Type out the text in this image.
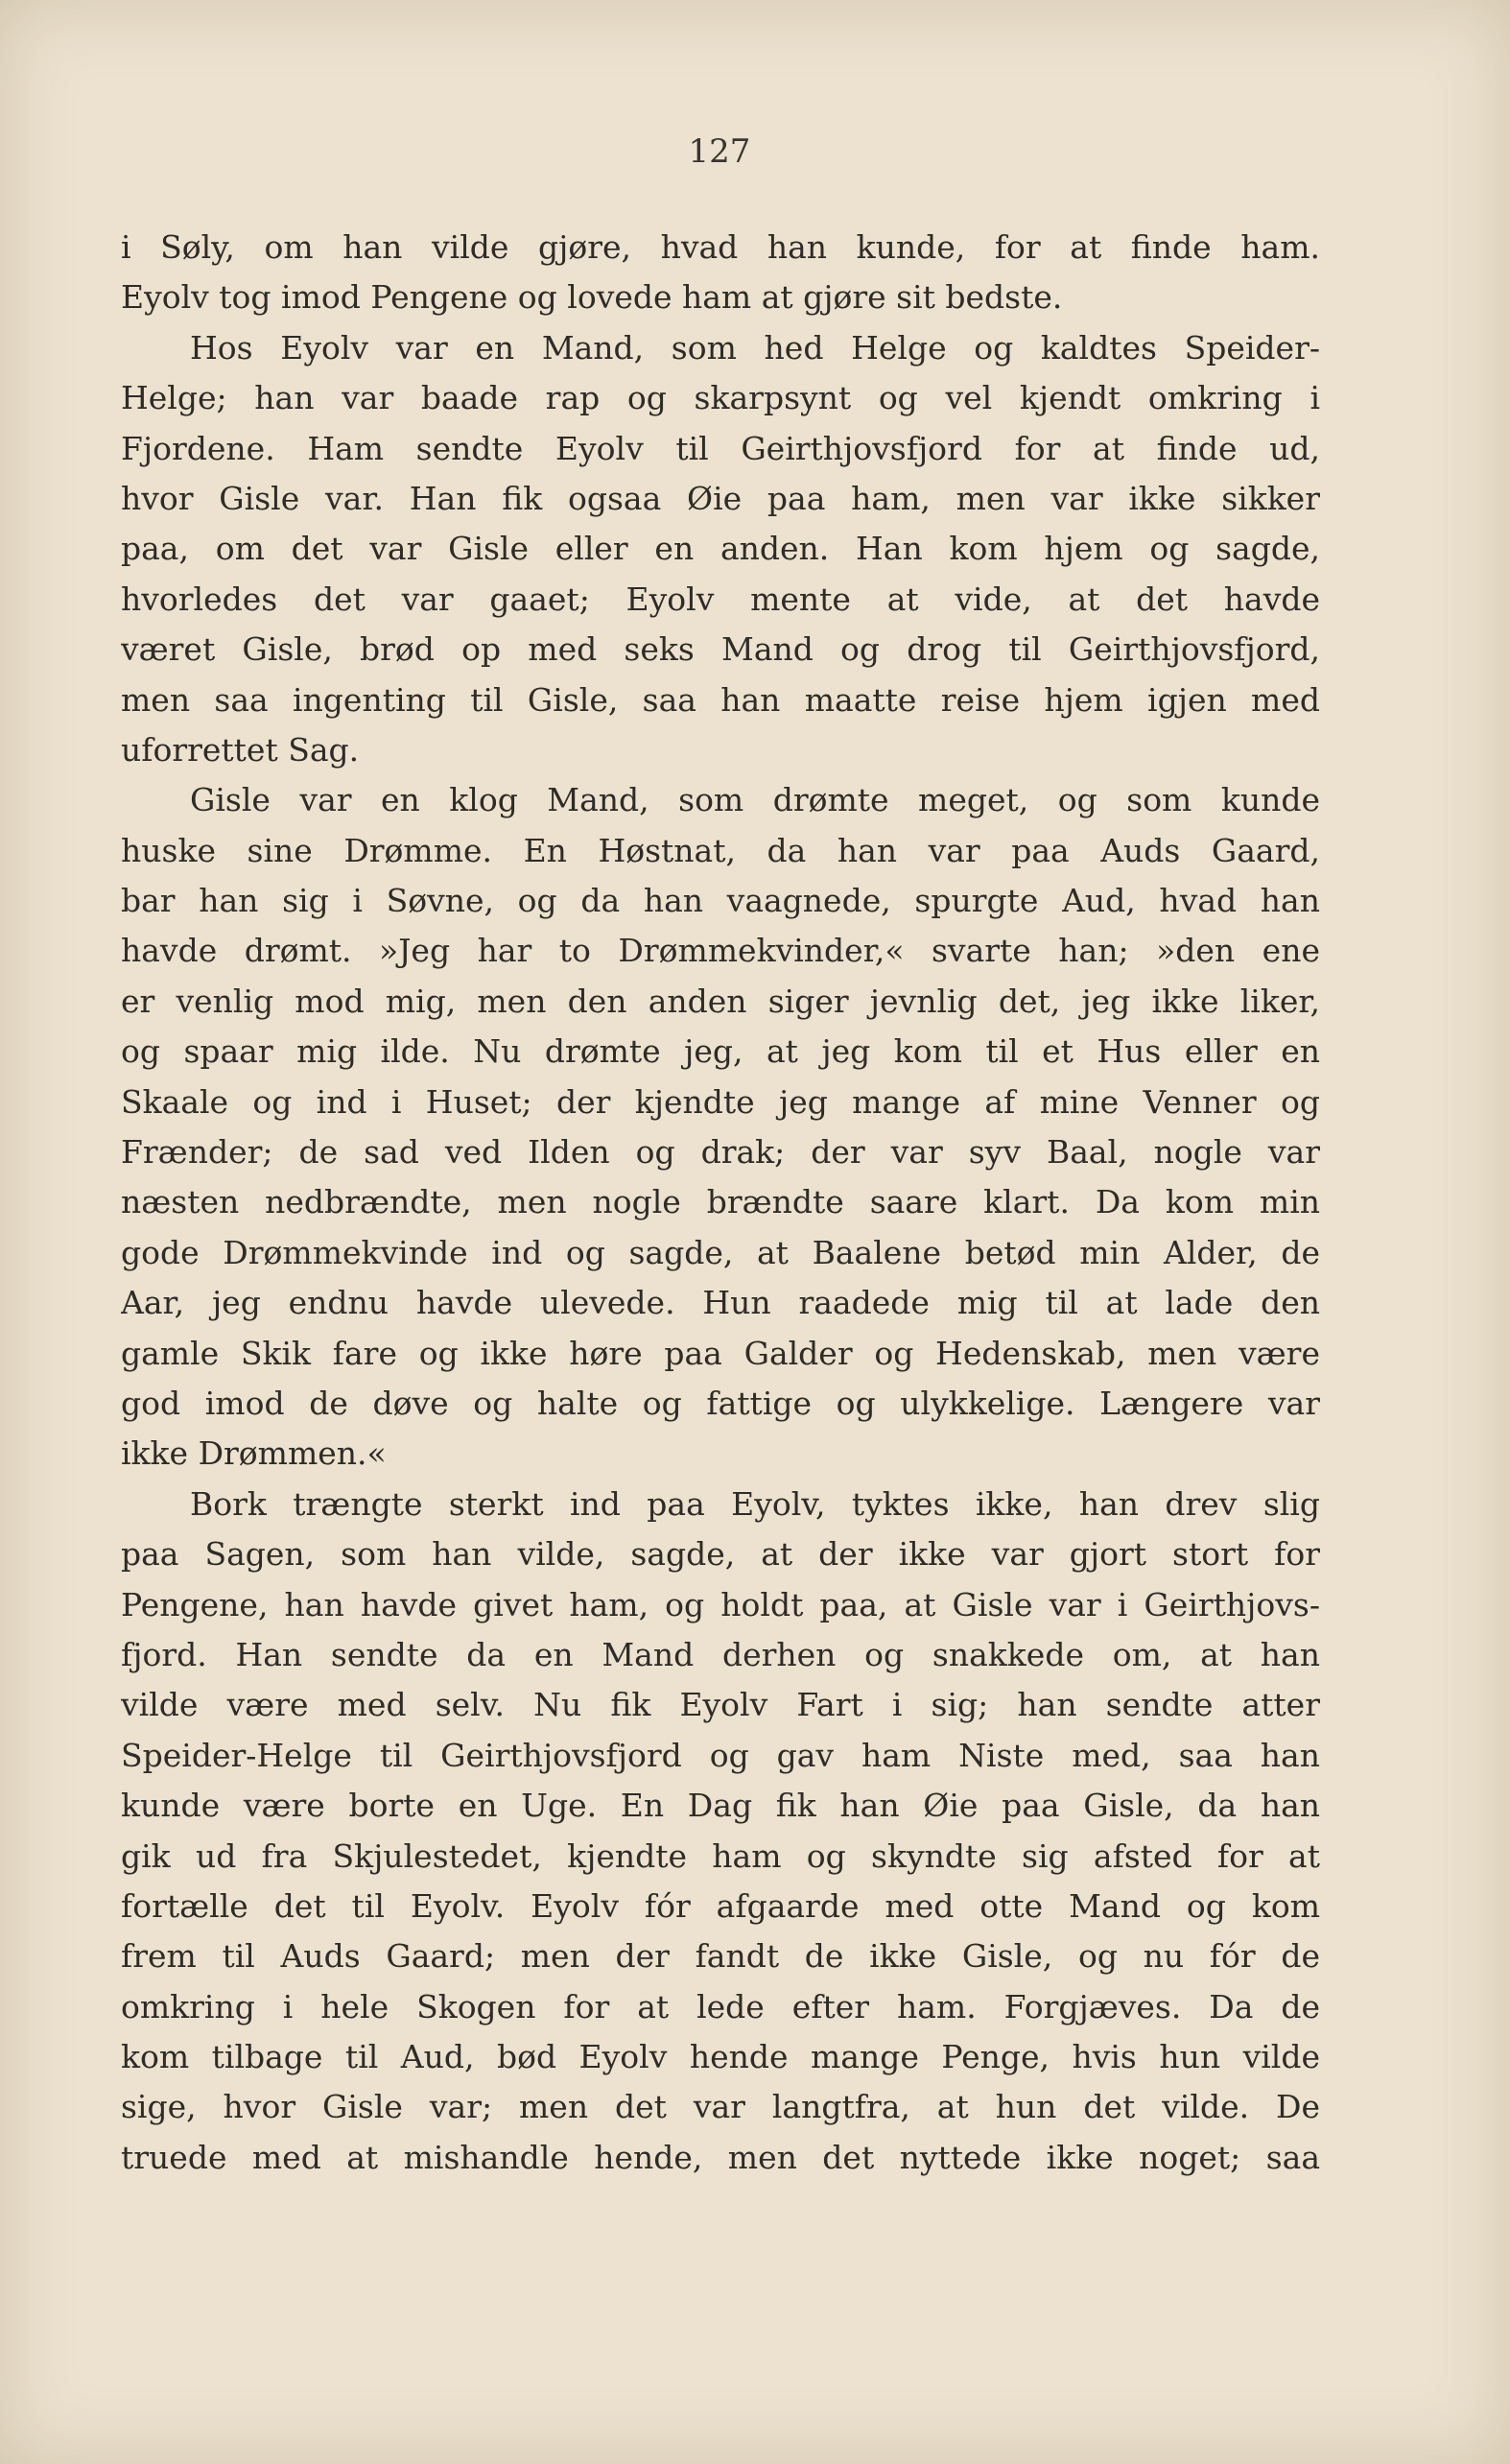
127
i Søly, om han vilde gjøre, hvad han kunde, for at finde ham.
Eyolv tog imod Pengene og lovede ham at gjøre sit bedste.
Hos Eyolv var en Mand, som hed Helge og kaldtes Speider-
Helge; han var baade rap og skarpsynt og vel kjendt omkring i
Fjordene. Ham sendte Eyolv til Geirthjovsfjord for at finde ud,
hvor Gisle var. Han fik ogsaa Øie paa ham, men var ikke sikker
paa, om det var Gisle eller en anden. Han kom hjem og sagde,
hvorledes det var gaaet; Eyolv mente at vide, at det havde
været Gisle, brød op med seks Mand og drog til Geirthjovsfjord,
men saa ingenting til Gisle, saa han maatte reise hjem igjen med
uforrettet Sag.
Gisle var en klog Mand, som drømte meget, og som kunde
huske sine Drømme. En Høstnat, da han var paa Auds Gaard,
bar han sig i Søvne, og da han vaagnede, spurgte Aud, hvad han
havde drømt. »Jeg har to Drømmekvinder,« svarte han; »den ene
er venlig mod mig, men den anden siger jevnlig det, jeg ikke liker,
og spaar mig ilde. Nu drømte jeg, at jeg kom til et Hus eller en
Skaale og ind i Huset; der kjendte jeg mange af mine Venner og
Frænder; de sad ved Ilden og drak; der var syv Baal, nogle var
næsten nedbrændte, men nogle brændte saare klart. Da kom min
gode Drømmekvinde ind og sagde, at Baalene betød min Alder, de
Aar, jeg endnu havde ulevede. Hun raadede mig til at lade den
gamle Skik fare og ikke høre paa Galder og Hedenskab, men være
god imod de døve og halte og fattige og ulykkelige. Længere var
ikke Drømmen.«
Bork trængte sterkt ind paa Eyolv, tyktes ikke, han drev slig
paa Sagen, som han vilde, sagde, at der ikke var gjort stort for
Pengene, han havde givet ham, og holdt paa, at Gisle var i Geirthjovs-
fjord. Han sendte da en Mand derhen og snakkede om, at han
vilde være med selv. Nu fik Eyolv Fart i sig; han sendte atter
Speider-Helge til Geirthjovsfjord og gav ham Niste med, saa han
kunde være borte en Uge. En Dag fik han Øie paa Gisle, da han
gik ud fra Skjulestedet, kjendte ham og skyndte sig afsted for at
fortælle det til Eyolv. Eyolv fór afgaarde med otte Mand og kom
frem til Auds Gaard; men der fandt de ikke Gisle, og nu fór de
omkring i hele Skogen for at lede efter ham. Forgjæves. Da de
kom tilbage til Aud, bød Eyolv hende mange Penge, hvis hun vilde
sige, hvor Gisle var; men det var langtfra, at hun det vilde. De
truede med at mishandle hende, men det nyttede ikke noget; saa
